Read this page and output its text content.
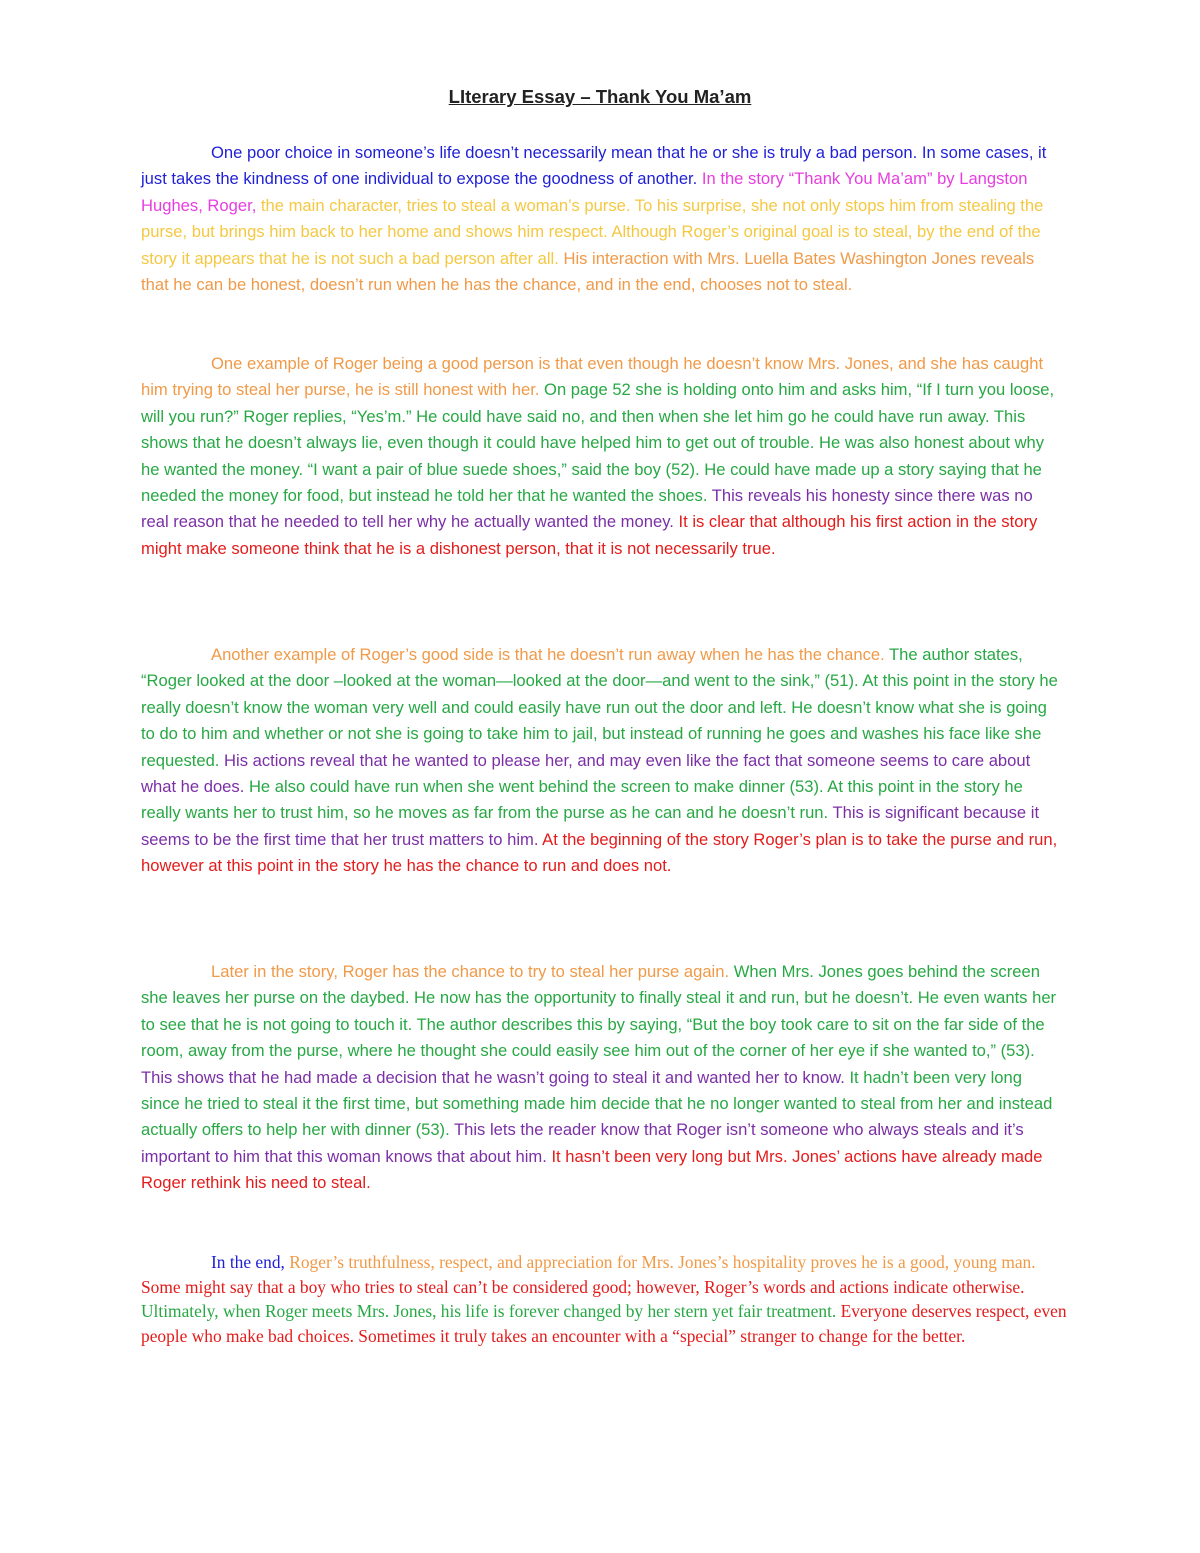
LIterary Essay – Thank You Ma’am

One poor choice in someone’s life doesn’t necessarily mean that he or she is truly a bad person. In some cases, it just takes the kindness of one individual to expose the goodness of another. In the story “Thank You Ma’am” by Langston Hughes, Roger, the main character, tries to steal a woman’s purse. To his surprise, she not only stops him from stealing the purse, but brings him back to her home and shows him respect. Although Roger’s original goal is to steal, by the end of the story it appears that he is not such a bad person after all. His interaction with Mrs. Luella Bates Washington Jones reveals that he can be honest, doesn’t run when he has the chance, and in the end, chooses not to steal.

One example of Roger being a good person is that even though he doesn’t know Mrs. Jones, and she has caught him trying to steal her purse, he is still honest with her. On page 52 she is holding onto him and asks him, “If I turn you loose, will you run?” Roger replies, “Yes’m.” He could have said no, and then when she let him go he could have run away. This shows that he doesn’t always lie, even though it could have helped him to get out of trouble. He was also honest about why he wanted the money. “I want a pair of blue suede shoes,” said the boy (52). He could have made up a story saying that he needed the money for food, but instead he told her that he wanted the shoes. This reveals his honesty since there was no real reason that he needed to tell her why he actually wanted the money. It is clear that although his first action in the story might make someone think that he is a dishonest person, that it is not necessarily true.

Another example of Roger’s good side is that he doesn’t run away when he has the chance. The author states, “Roger looked at the door –looked at the woman—looked at the door—and went to the sink,” (51). At this point in the story he really doesn’t know the woman very well and could easily have run out the door and left. He doesn’t know what she is going to do to him and whether or not she is going to take him to jail, but instead of running he goes and washes his face like she requested. His actions reveal that he wanted to please her, and may even like the fact that someone seems to care about what he does. He also could have run when she went behind the screen to make dinner (53). At this point in the story he really wants her to trust him, so he moves as far from the purse as he can and he doesn’t run. This is significant because it seems to be the first time that her trust matters to him. At the beginning of the story Roger’s plan is to take the purse and run, however at this point in the story he has the chance to run and does not.

Later in the story, Roger has the chance to try to steal her purse again. When Mrs. Jones goes behind the screen she leaves her purse on the daybed. He now has the opportunity to finally steal it and run, but he doesn’t. He even wants her to see that he is not going to touch it. The author describes this by saying, “But the boy took care to sit on the far side of the room, away from the purse, where he thought she could easily see him out of the corner of her eye if she wanted to,” (53). This shows that he had made a decision that he wasn’t going to steal it and wanted her to know. It hadn’t been very long since he tried to steal it the first time, but something made him decide that he no longer wanted to steal from her and instead actually offers to help her with dinner (53). This lets the reader know that Roger isn’t someone who always steals and it’s important to him that this woman knows that about him. It hasn’t been very long but Mrs. Jones’ actions have already made Roger rethink his need to steal.

In the end, Roger’s truthfulness, respect, and appreciation for Mrs. Jones’s hospitality proves he is a good, young man. Some might say that a boy who tries to steal can’t be considered good; however, Roger’s words and actions indicate otherwise. Ultimately, when Roger meets Mrs. Jones, his life is forever changed by her stern yet fair treatment. Everyone deserves respect, even people who make bad choices. Sometimes it truly takes an encounter with a “special” stranger to change for the better.
